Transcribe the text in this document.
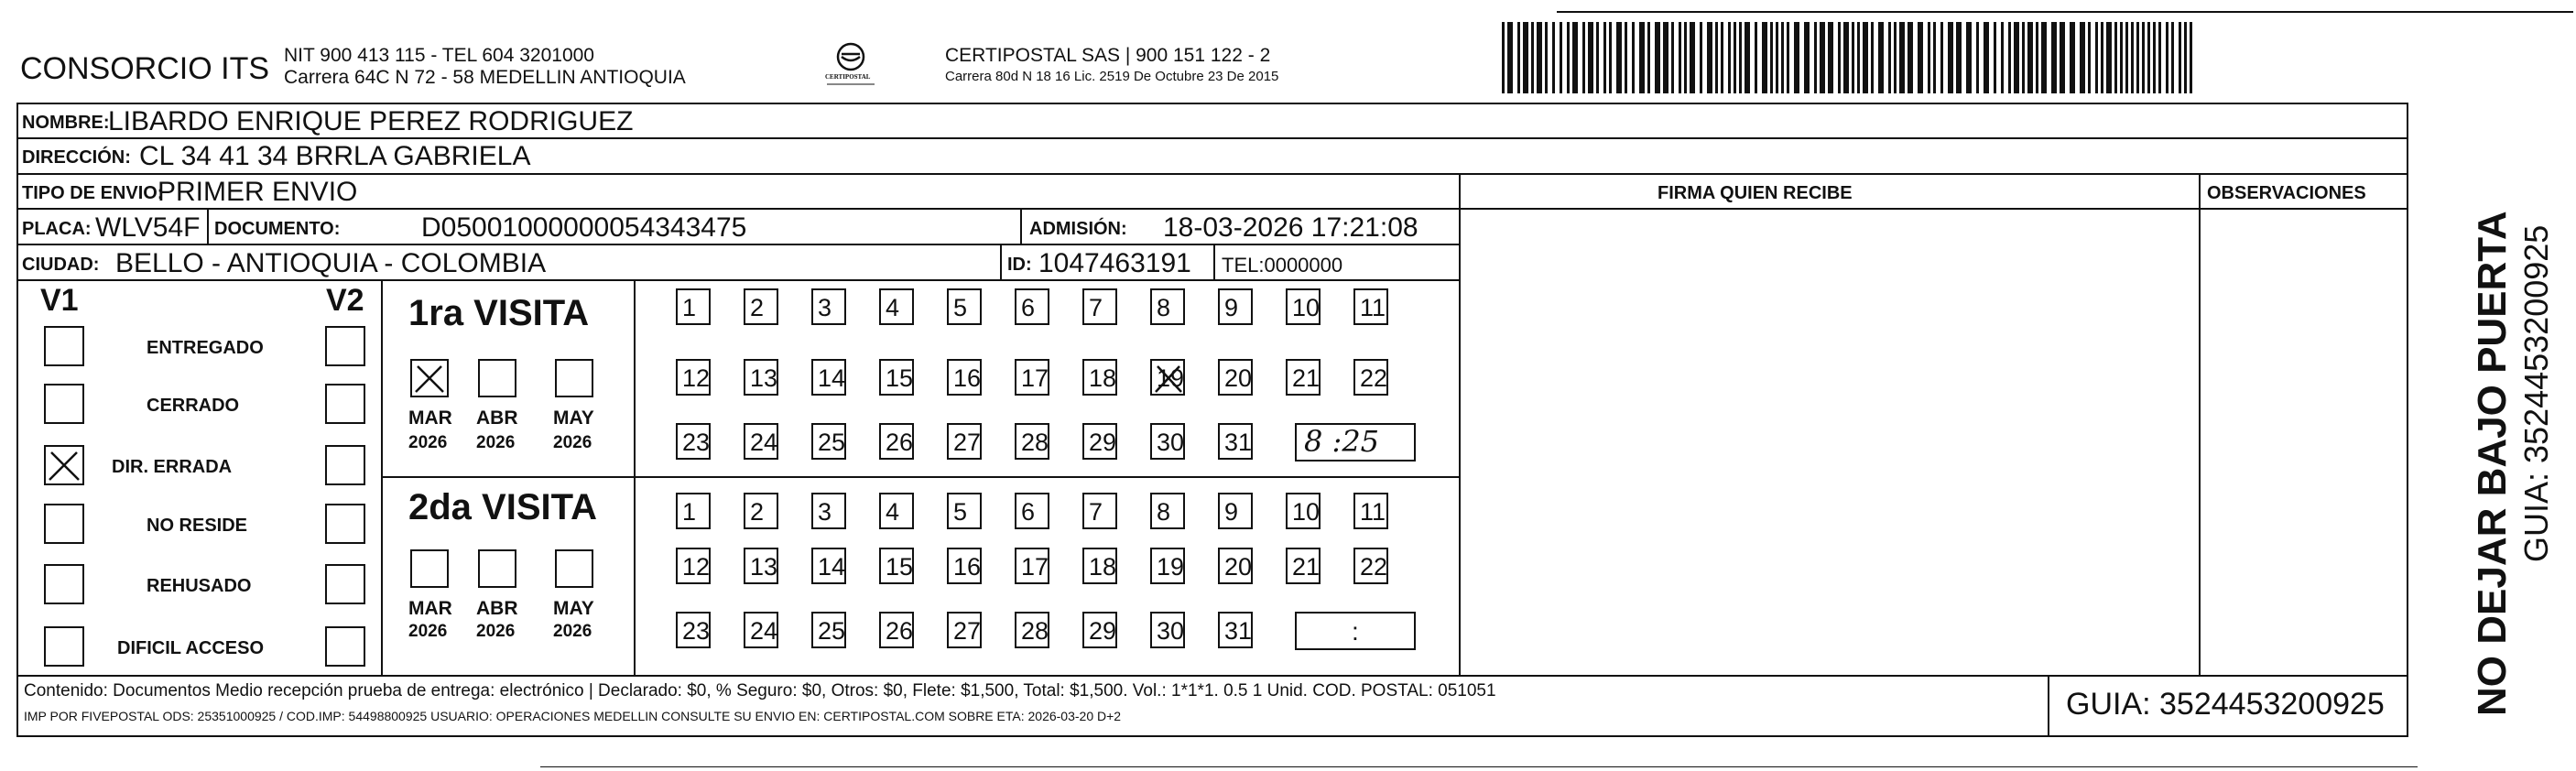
CONSORCIO ITS NIT 900 413 115 - TEL 604 3201000
Carrera 64C N 72 - 58 MEDELLIN ANTIOQUIA	CERTIPOSTAL
CERTIPOSTAL SAS | 900 151 122 - 2
Carrera 80d N 18 16 Lic. 2519 De Octubre 23 De 2015
NOMBRE:
LIBARDO ENRIQUE PEREZ RODRIGUEZ
DIRECCIÓN: CL 34 41 34 BRRLA GABRIELA
TIPO DE ENVIO:
PRIMER ENVIO	FIRMA QUIEN RECIBE	OBSERVACIONES
PLACA: WLV54F DOCUMENTO:	D05001000000054343475	ADMISIÓN: 18-03-2026 17:21:08
CIUDAD: BELLO - ANTIOQUIA - COLOMBIA	ID: 1047463191 TEL:0000000
V1	V2
ENTREGADO
CERRADO
DIR. ERRADA
NO RESIDE
REHUSADO
DIFICIL ACCESO
1ra VISITA
MAR
2026
ABR
2026
MAY
2026
1 2 3 4 5 6 7 8 9 10 11
12 13 14 15 16 17 18 19 20 21 22
23 24 25 26 27 28 29 30 31 8 :25
2da VISITA
MAR
2026
ABR
2026
MAY
2026
1 2 3 4 5 6 7 8 9 10 11
12 13 14 15 16 17 18 19 20 21 22
23 24 25 26 27 28 29 30 31	:
Contenido: Documentos Medio recepción prueba de entrega: electrónico | Declarado: $0, % Seguro: $0, Otros: $0, Flete: $1,500, Total: $1,500. Vol.: 1*1*1. 0.5 1 Unid. COD. POSTAL: 051051
IMP POR FIVEPOSTAL ODS: 25351000925 / COD.IMP: 54498800925 USUARIO: OPERACIONES MEDELLIN CONSULTE SU ENVIO EN: CERTIPOSTAL.COM SOBRE ETA: 2026-03-20 D+2	GUIA: 3524453200925 NO DEJAR BAJO PUERTA GUIA: 3524453200925
